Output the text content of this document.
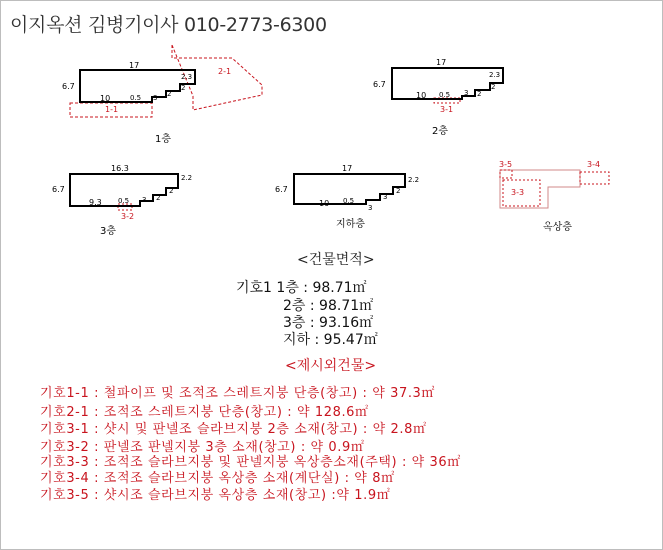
이지옥션 김병기이사 010-2773-6300
17
6.7
10	0.5 3
2.3
2
2
2-1
1-1
1층
17
6.7
10 0.5 3
2.3
2
2
3-1
2층
16.3
6.7
9.3 0.5 3
2.2
2
2
3-2
3층
17
6.7
10 0.5
3
2.2
2
3
지하층
3-5	3-4
3-3
옥상층
<건물면적>
기호1 1층 : 98.71㎡
2층 : 98.71㎡
3층 : 93.16㎡
지하 : 95.47㎡
<제시외건물>
기호1-1 : 철파이프 및 조적조 스레트지붕 단층(창고) : 약 37.3㎡
기호2-1 : 조적조 스레트지붕 단층(창고) : 약 128.6㎡
기호3-1 : 샷시 및 판넬조 슬라브지붕 2층 소재(창고) : 약 2.8㎡
기호3-2 : 판넬조 판넬지붕 3층 소재(창고) : 약 0.9㎡
기호3-3 : 조적조 슬라브지붕 및 판넬지붕 옥상층소재(주택) : 약 36㎡
기호3-4 : 조적조 슬라브지붕 옥상층 소재(계단실) : 약 8㎡
기호3-5 : 샷시조 슬라브지붕 옥상층 소재(창고) :약 1.9㎡
